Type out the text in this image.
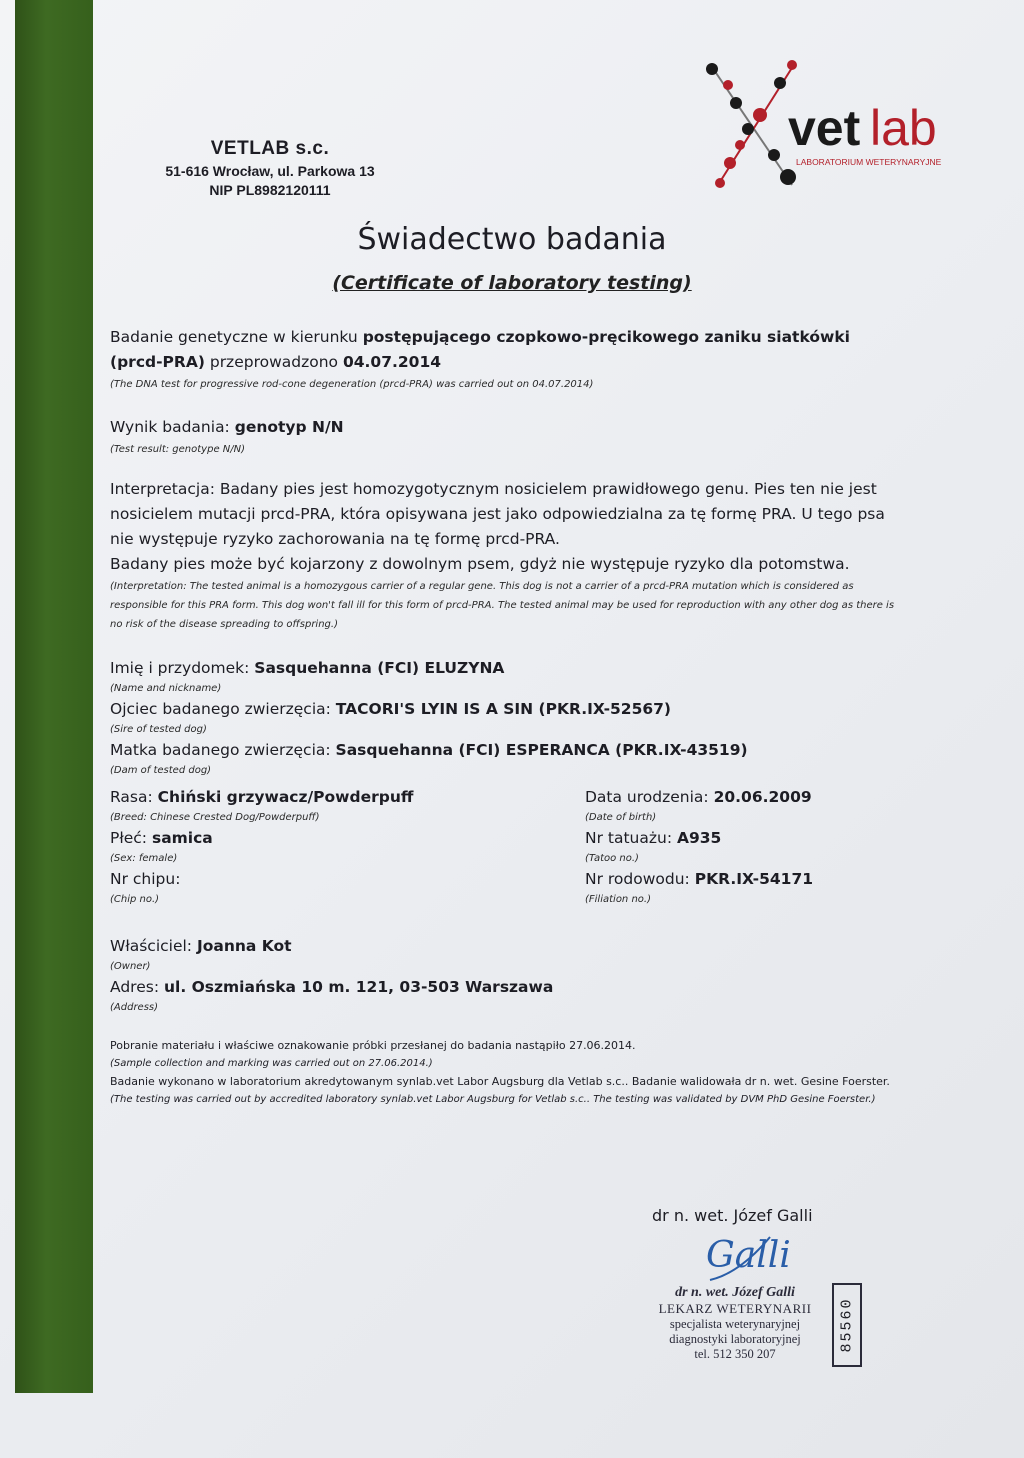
VETLAB s.c.
51-616 Wrocław, ul. Parkowa 13
NIP PL8982120111
vet lab
LABORATORIUM WETERYNARYJNE
Świadectwo badania
(Certificate of laboratory testing)

Badanie genetyczne w kierunku postępującego czopkowo-pręcikowego zaniku siatkówki (prcd-PRA) przeprowadzono 04.07.2014

(The DNA test for progressive rod-cone degeneration (prcd-PRA) was carried out on 04.07.2014)

Wynik badania: genotyp N/N

(Test result: genotype N/N)

Interpretacja: Badany pies jest homozygotycznym nosicielem prawidłowego genu. Pies ten nie jest nosicielem mutacji prcd-PRA, która opisywana jest jako odpowiedzialna za tę formę PRA. U tego psa nie występuje ryzyko zachorowania na tę formę prcd-PRA.

Badany pies może być kojarzony z dowolnym psem, gdyż nie występuje ryzyko dla potomstwa.

(Interpretation: The tested animal is a homozygous carrier of a regular gene. This dog is not a carrier of a prcd-PRA mutation which is considered as responsible for this PRA form. This dog won't fall ill for this form of prcd-PRA. The tested animal may be used for reproduction with any other dog as there is no risk of the disease spreading to offspring.)

Imię i przydomek: Sasquehanna (FCI) ELUZYNA

(Name and nickname)

Ojciec badanego zwierzęcia: TACORI'S LYIN IS A SIN (PKR.IX-52567)

(Sire of tested dog)

Matka badanego zwierzęcia: Sasquehanna (FCI) ESPERANCA (PKR.IX-43519)

(Dam of tested dog)

Rasa: Chiński grzywacz/Powderpuff

(Breed: Chinese Crested Dog/Powderpuff)

Płeć: samica

(Sex: female)

Nr chipu:

(Chip no.)

Data urodzenia: 20.06.2009

(Date of birth)

Nr tatuażu: A935

(Tatoo no.)

Nr rodowodu: PKR.IX-54171

(Filiation no.)

Właściciel: Joanna Kot

(Owner)

Adres: ul. Oszmiańska 10 m. 121, 03-503 Warszawa

(Address)

Pobranie materiału i właściwe oznakowanie próbki przesłanej do badania nastąpiło 27.06.2014.

(Sample collection and marking was carried out on 27.06.2014.)

Badanie wykonano w laboratorium akredytowanym synlab.vet Labor Augsburg dla Vetlab s.c.. Badanie walidowała dr n. wet. Gesine Foerster.

(The testing was carried out by accredited laboratory synlab.vet Labor Augsburg for Vetlab s.c.. The testing was validated by DVM PhD Gesine Foerster.)

dr n. wet. Józef Galli
Galli
dr n. wet. Józef Galli
LEKARZ WETERYNARII
specjalista weterynaryjnej
diagnostyki laboratoryjnej
tel. 512 350 207
85560
